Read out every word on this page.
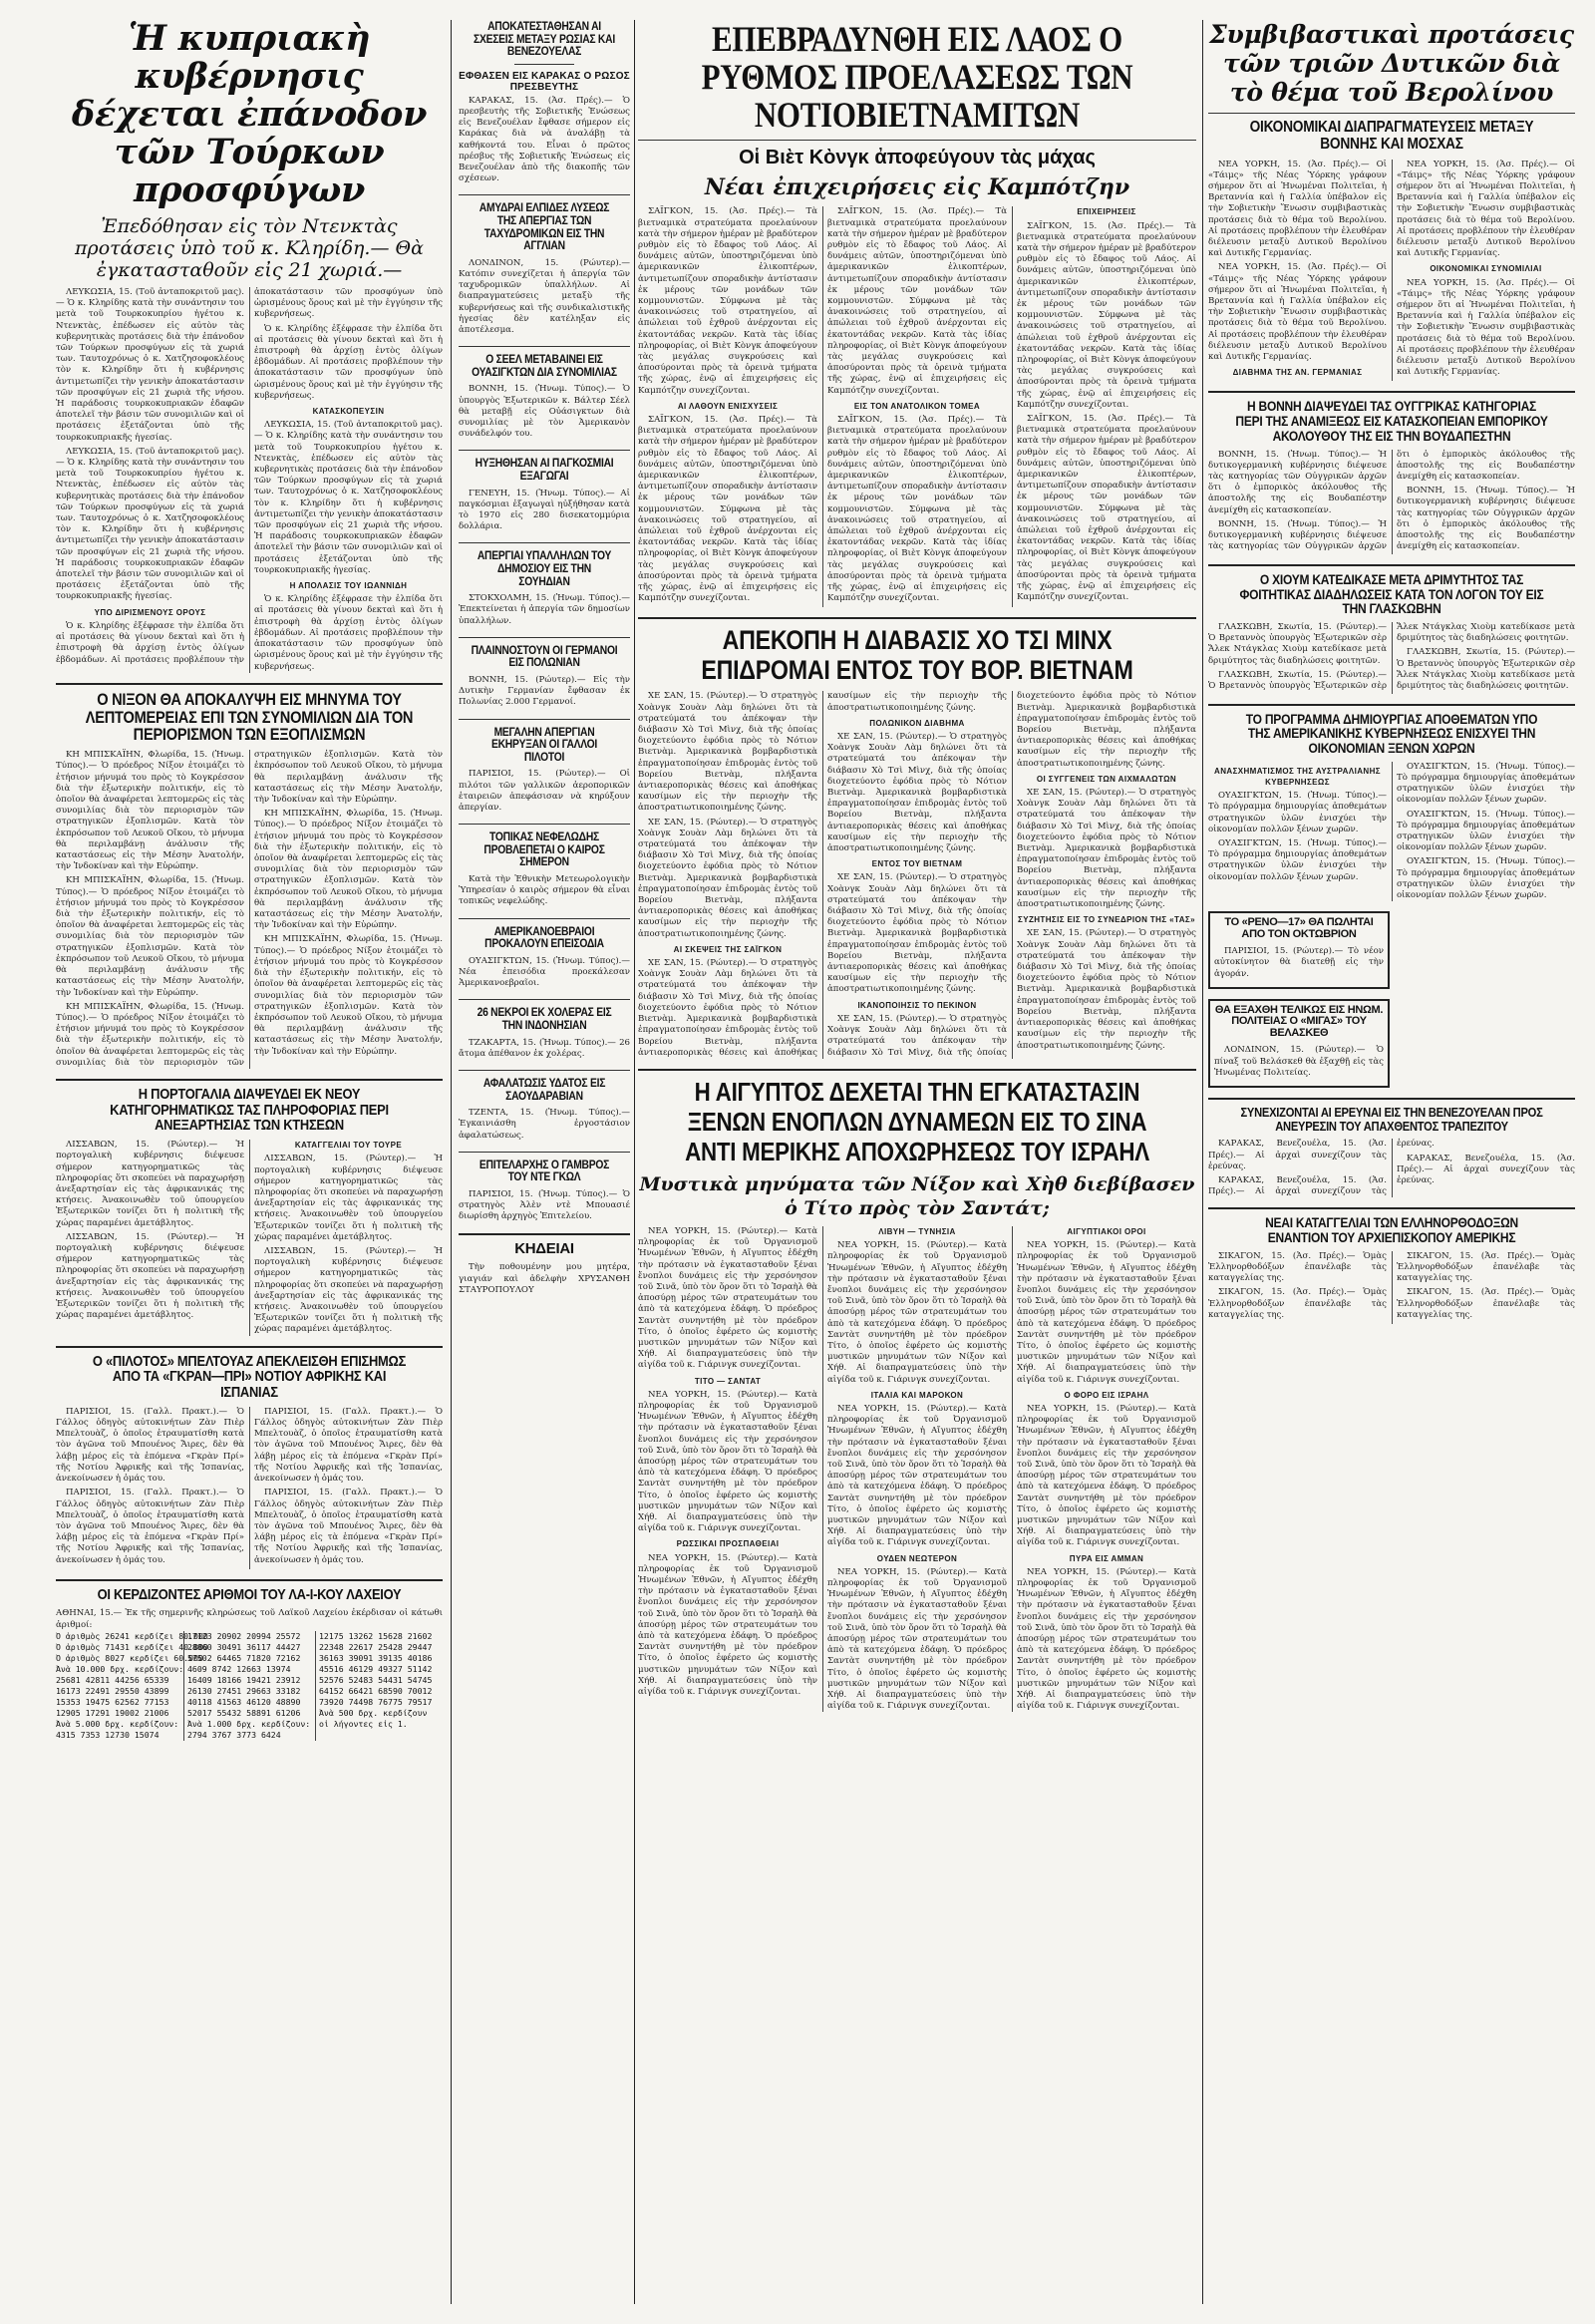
Ἡ κυπριακὴ κυβέρνησις δέχεται ἐπάνοδον τῶν Τούρκων προσφύγων
Ἐπεδόθησαν εἰς τὸν Ντενκτὰς προτάσεις ὑπὸ τοῦ κ. Κληρίδη.— Θὰ ἐγκατασταθοῦν εἰς 21 χωριά.—

ΛΕΥΚΩΣΙΑ, 15. (Τοῦ ἀνταποκριτοῦ μας).— Ὁ κ. Κληρίδης κατὰ τὴν συνάντησιν του μετὰ τοῦ Τουρκοκυπρίου ἡγέτου κ. Ντενκτὰς, ἐπέδωσεν εἰς αὐτὸν τὰς κυβερνητικὰς προτάσεις διὰ τὴν ἐπάνοδον τῶν Τούρκων προσφύγων εἰς τὰ χωριά των. Ταυτοχρόνως ὁ κ. Χατζησοφοκλέους τὸν κ. Κληρίδην ὅτι ἡ κυβέρνησις ἀντιμετωπίζει τὴν γενικὴν ἀποκατάστασιν τῶν προσφύγων εἰς 21 χωριὰ τῆς νήσου. Ἡ παράδοσις τουρκοκυπριακῶν ἐδαφῶν ἀποτελεῖ τὴν βάσιν τῶν συνομιλιῶν καὶ οἱ προτάσεις ἐξετάζονται ὑπὸ τῆς τουρκοκυπριακῆς ἡγεσίας.

ΛΕΥΚΩΣΙΑ, 15. (Τοῦ ἀνταποκριτοῦ μας).— Ὁ κ. Κληρίδης κατὰ τὴν συνάντησιν του μετὰ τοῦ Τουρκοκυπρίου ἡγέτου κ. Ντενκτὰς, ἐπέδωσεν εἰς αὐτὸν τὰς κυβερνητικὰς προτάσεις διὰ τὴν ἐπάνοδον τῶν Τούρκων προσφύγων εἰς τὰ χωριά των. Ταυτοχρόνως ὁ κ. Χατζησοφοκλέους τὸν κ. Κληρίδην ὅτι ἡ κυβέρνησις ἀντιμετωπίζει τὴν γενικὴν ἀποκατάστασιν τῶν προσφύγων εἰς 21 χωριὰ τῆς νήσου. Ἡ παράδοσις τουρκοκυπριακῶν ἐδαφῶν ἀποτελεῖ τὴν βάσιν τῶν συνομιλιῶν καὶ οἱ προτάσεις ἐξετάζονται ὑπὸ τῆς τουρκοκυπριακῆς ἡγεσίας.

ΥΠΟ ΔΙΡΙΣΜΕΝΟΥΣ ΟΡΟΥΣ

Ὁ κ. Κληρίδης ἐξέφρασε τὴν ἐλπίδα ὅτι αἱ προτάσεις θὰ γίνουν δεκταὶ καὶ ὅτι ἡ ἐπιστροφὴ θὰ ἀρχίσῃ ἐντὸς ὀλίγων ἑβδομάδων. Αἱ προτάσεις προβλέπουν τὴν ἀποκατάστασιν τῶν προσφύγων ὑπὸ ὡρισμένους ὅρους καὶ μὲ τὴν ἐγγύησιν τῆς κυβερνήσεως.

Ὁ κ. Κληρίδης ἐξέφρασε τὴν ἐλπίδα ὅτι αἱ προτάσεις θὰ γίνουν δεκταὶ καὶ ὅτι ἡ ἐπιστροφὴ θὰ ἀρχίσῃ ἐντὸς ὀλίγων ἑβδομάδων. Αἱ προτάσεις προβλέπουν τὴν ἀποκατάστασιν τῶν προσφύγων ὑπὸ ὡρισμένους ὅρους καὶ μὲ τὴν ἐγγύησιν τῆς κυβερνήσεως.

ΚΑΤΑΣΚΟΠΕΥΣΙΝ

ΛΕΥΚΩΣΙΑ, 15. (Τοῦ ἀνταποκριτοῦ μας).— Ὁ κ. Κληρίδης κατὰ τὴν συνάντησιν του μετὰ τοῦ Τουρκοκυπρίου ἡγέτου κ. Ντενκτὰς, ἐπέδωσεν εἰς αὐτὸν τὰς κυβερνητικὰς προτάσεις διὰ τὴν ἐπάνοδον τῶν Τούρκων προσφύγων εἰς τὰ χωριά των. Ταυτοχρόνως ὁ κ. Χατζησοφοκλέους τὸν κ. Κληρίδην ὅτι ἡ κυβέρνησις ἀντιμετωπίζει τὴν γενικὴν ἀποκατάστασιν τῶν προσφύγων εἰς 21 χωριὰ τῆς νήσου. Ἡ παράδοσις τουρκοκυπριακῶν ἐδαφῶν ἀποτελεῖ τὴν βάσιν τῶν συνομιλιῶν καὶ οἱ προτάσεις ἐξετάζονται ὑπὸ τῆς τουρκοκυπριακῆς ἡγεσίας.

Η ΑΠΟΛΑΣΙΣ ΤΟΥ ΙΩΑΝΝΙΔΗ

Ὁ κ. Κληρίδης ἐξέφρασε τὴν ἐλπίδα ὅτι αἱ προτάσεις θὰ γίνουν δεκταὶ καὶ ὅτι ἡ ἐπιστροφὴ θὰ ἀρχίσῃ ἐντὸς ὀλίγων ἑβδομάδων. Αἱ προτάσεις προβλέπουν τὴν ἀποκατάστασιν τῶν προσφύγων ὑπὸ ὡρισμένους ὅρους καὶ μὲ τὴν ἐγγύησιν τῆς κυβερνήσεως.

Ο ΝΙΞΟΝ ΘΑ ΑΠΟΚΑΛΥΨΗ ΕΙΣ ΜΗΝΥΜΑ ΤΟΥ ΛΕΠΤΟΜΕΡΕΙΑΣ ΕΠΙ ΤΩΝ ΣΥΝΟΜΙΛΙΩΝ ΔΙΑ ΤΟΝ ΠΕΡΙΟΡΙΣΜΟΝ ΤΩΝ ΕΞΟΠΛΙΣΜΩΝ

ΚΗ ΜΠΙΣΚΑΪΗΝ, Φλωρίδα, 15. (Ἠνωμ. Τύπος).— Ὁ πρόεδρος Νίξον ἐτοιμάζει τὸ ἐτήσιον μήνυμά του πρὸς τὸ Κογκρέσσον διὰ τὴν ἐξωτερικὴν πολιτικήν, εἰς τὸ ὁποῖον θὰ ἀναφέρεται λεπτομερῶς εἰς τὰς συνομιλίας διὰ τὸν περιορισμὸν τῶν στρατηγικῶν ἐξοπλισμῶν. Κατὰ τὸν ἐκπρόσωπον τοῦ Λευκοῦ Οἴκου, τὸ μήνυμα θὰ περιλαμβάνῃ ἀνάλυσιν τῆς καταστάσεως εἰς τὴν Μέσην Ἀνατολήν, τὴν Ἰνδοκίναν καὶ τὴν Εὐρώπην.

ΚΗ ΜΠΙΣΚΑΪΗΝ, Φλωρίδα, 15. (Ἠνωμ. Τύπος).— Ὁ πρόεδρος Νίξον ἐτοιμάζει τὸ ἐτήσιον μήνυμά του πρὸς τὸ Κογκρέσσον διὰ τὴν ἐξωτερικὴν πολιτικήν, εἰς τὸ ὁποῖον θὰ ἀναφέρεται λεπτομερῶς εἰς τὰς συνομιλίας διὰ τὸν περιορισμὸν τῶν στρατηγικῶν ἐξοπλισμῶν. Κατὰ τὸν ἐκπρόσωπον τοῦ Λευκοῦ Οἴκου, τὸ μήνυμα θὰ περιλαμβάνῃ ἀνάλυσιν τῆς καταστάσεως εἰς τὴν Μέσην Ἀνατολήν, τὴν Ἰνδοκίναν καὶ τὴν Εὐρώπην.

ΚΗ ΜΠΙΣΚΑΪΗΝ, Φλωρίδα, 15. (Ἠνωμ. Τύπος).— Ὁ πρόεδρος Νίξον ἐτοιμάζει τὸ ἐτήσιον μήνυμά του πρὸς τὸ Κογκρέσσον διὰ τὴν ἐξωτερικὴν πολιτικήν, εἰς τὸ ὁποῖον θὰ ἀναφέρεται λεπτομερῶς εἰς τὰς συνομιλίας διὰ τὸν περιορισμὸν τῶν στρατηγικῶν ἐξοπλισμῶν. Κατὰ τὸν ἐκπρόσωπον τοῦ Λευκοῦ Οἴκου, τὸ μήνυμα θὰ περιλαμβάνῃ ἀνάλυσιν τῆς καταστάσεως εἰς τὴν Μέσην Ἀνατολήν, τὴν Ἰνδοκίναν καὶ τὴν Εὐρώπην.

ΚΗ ΜΠΙΣΚΑΪΗΝ, Φλωρίδα, 15. (Ἠνωμ. Τύπος).— Ὁ πρόεδρος Νίξον ἐτοιμάζει τὸ ἐτήσιον μήνυμά του πρὸς τὸ Κογκρέσσον διὰ τὴν ἐξωτερικὴν πολιτικήν, εἰς τὸ ὁποῖον θὰ ἀναφέρεται λεπτομερῶς εἰς τὰς συνομιλίας διὰ τὸν περιορισμὸν τῶν στρατηγικῶν ἐξοπλισμῶν. Κατὰ τὸν ἐκπρόσωπον τοῦ Λευκοῦ Οἴκου, τὸ μήνυμα θὰ περιλαμβάνῃ ἀνάλυσιν τῆς καταστάσεως εἰς τὴν Μέσην Ἀνατολήν, τὴν Ἰνδοκίναν καὶ τὴν Εὐρώπην.

ΚΗ ΜΠΙΣΚΑΪΗΝ, Φλωρίδα, 15. (Ἠνωμ. Τύπος).— Ὁ πρόεδρος Νίξον ἐτοιμάζει τὸ ἐτήσιον μήνυμά του πρὸς τὸ Κογκρέσσον διὰ τὴν ἐξωτερικὴν πολιτικήν, εἰς τὸ ὁποῖον θὰ ἀναφέρεται λεπτομερῶς εἰς τὰς συνομιλίας διὰ τὸν περιορισμὸν τῶν στρατηγικῶν ἐξοπλισμῶν. Κατὰ τὸν ἐκπρόσωπον τοῦ Λευκοῦ Οἴκου, τὸ μήνυμα θὰ περιλαμβάνῃ ἀνάλυσιν τῆς καταστάσεως εἰς τὴν Μέσην Ἀνατολήν, τὴν Ἰνδοκίναν καὶ τὴν Εὐρώπην.

Η ΠΟΡΤΟΓΑΛΙΑ ΔΙΑΨΕΥΔΕΙ ΕΚ ΝΕΟΥ ΚΑΤΗΓΟΡΗΜΑΤΙΚΩΣ ΤΑΣ ΠΛΗΡΟΦΟΡΙΑΣ ΠΕΡΙ ΑΝΕΞΑΡΤΗΣΙΑΣ ΤΩΝ ΚΤΗΣΕΩΝ

ΛΙΣΣΑΒΩΝ, 15. (Ρώυτερ).— Ἡ πορτογαλικὴ κυβέρνησις διέψευσε σήμερον κατηγορηματικῶς τὰς πληροφορίας ὅτι σκοπεύει νὰ παραχωρήσῃ ἀνεξαρτησίαν εἰς τὰς ἀφρικανικάς της κτήσεις. Ἀνακοινωθὲν τοῦ ὑπουργείου Ἐξωτερικῶν τονίζει ὅτι ἡ πολιτικὴ τῆς χώρας παραμένει ἀμετάβλητος.

ΛΙΣΣΑΒΩΝ, 15. (Ρώυτερ).— Ἡ πορτογαλικὴ κυβέρνησις διέψευσε σήμερον κατηγορηματικῶς τὰς πληροφορίας ὅτι σκοπεύει νὰ παραχωρήσῃ ἀνεξαρτησίαν εἰς τὰς ἀφρικανικάς της κτήσεις. Ἀνακοινωθὲν τοῦ ὑπουργείου Ἐξωτερικῶν τονίζει ὅτι ἡ πολιτικὴ τῆς χώρας παραμένει ἀμετάβλητος.

ΚΑΤΑΓΓΕΛΙΑΙ ΤΟΥ ΤΟΥΡΕ

ΛΙΣΣΑΒΩΝ, 15. (Ρώυτερ).— Ἡ πορτογαλικὴ κυβέρνησις διέψευσε σήμερον κατηγορηματικῶς τὰς πληροφορίας ὅτι σκοπεύει νὰ παραχωρήσῃ ἀνεξαρτησίαν εἰς τὰς ἀφρικανικάς της κτήσεις. Ἀνακοινωθὲν τοῦ ὑπουργείου Ἐξωτερικῶν τονίζει ὅτι ἡ πολιτικὴ τῆς χώρας παραμένει ἀμετάβλητος.

ΛΙΣΣΑΒΩΝ, 15. (Ρώυτερ).— Ἡ πορτογαλικὴ κυβέρνησις διέψευσε σήμερον κατηγορηματικῶς τὰς πληροφορίας ὅτι σκοπεύει νὰ παραχωρήσῃ ἀνεξαρτησίαν εἰς τὰς ἀφρικανικάς της κτήσεις. Ἀνακοινωθὲν τοῦ ὑπουργείου Ἐξωτερικῶν τονίζει ὅτι ἡ πολιτικὴ τῆς χώρας παραμένει ἀμετάβλητος.

Ο «ΠΙΛΟΤΟΣ» ΜΠΕΛΤΟΥΑΖ ΑΠΕΚΛΕΙΣΘΗ ΕΠΙΣΗΜΩΣ ΑΠΟ ΤΑ «ΓΚΡΑΝ—ΠΡΙ» ΝΟΤΙΟΥ ΑΦΡΙΚΗΣ ΚΑΙ ΙΣΠΑΝΙΑΣ

ΠΑΡΙΣΙΟΙ, 15. (Γαλλ. Πρακτ.).— Ὁ Γάλλος ὁδηγὸς αὐτοκινήτων Ζὰν Πιὲρ Μπελτουὰζ, ὁ ὁποῖος ἐτραυματίσθη κατὰ τὸν ἀγῶνα τοῦ Μπουένος Ἄιρες, δὲν θὰ λάβῃ μέρος εἰς τὰ ἑπόμενα «Γκρὰν Πρί» τῆς Νοτίου Ἀφρικῆς καὶ τῆς Ἱσπανίας, ἀνεκοίνωσεν ἡ ὁμάς του.

ΠΑΡΙΣΙΟΙ, 15. (Γαλλ. Πρακτ.).— Ὁ Γάλλος ὁδηγὸς αὐτοκινήτων Ζὰν Πιὲρ Μπελτουὰζ, ὁ ὁποῖος ἐτραυματίσθη κατὰ τὸν ἀγῶνα τοῦ Μπουένος Ἄιρες, δὲν θὰ λάβῃ μέρος εἰς τὰ ἑπόμενα «Γκρὰν Πρί» τῆς Νοτίου Ἀφρικῆς καὶ τῆς Ἱσπανίας, ἀνεκοίνωσεν ἡ ὁμάς του.

ΠΑΡΙΣΙΟΙ, 15. (Γαλλ. Πρακτ.).— Ὁ Γάλλος ὁδηγὸς αὐτοκινήτων Ζὰν Πιὲρ Μπελτουὰζ, ὁ ὁποῖος ἐτραυματίσθη κατὰ τὸν ἀγῶνα τοῦ Μπουένος Ἄιρες, δὲν θὰ λάβῃ μέρος εἰς τὰ ἑπόμενα «Γκρὰν Πρί» τῆς Νοτίου Ἀφρικῆς καὶ τῆς Ἱσπανίας, ἀνεκοίνωσεν ἡ ὁμάς του.

ΠΑΡΙΣΙΟΙ, 15. (Γαλλ. Πρακτ.).— Ὁ Γάλλος ὁδηγὸς αὐτοκινήτων Ζὰν Πιὲρ Μπελτουὰζ, ὁ ὁποῖος ἐτραυματίσθη κατὰ τὸν ἀγῶνα τοῦ Μπουένος Ἄιρες, δὲν θὰ λάβῃ μέρος εἰς τὰ ἑπόμενα «Γκρὰν Πρί» τῆς Νοτίου Ἀφρικῆς καὶ τῆς Ἱσπανίας, ἀνεκοίνωσεν ἡ ὁμάς του.

ΟΙ ΚΕΡΔΙΖΟΝΤΕΣ ΑΡΙΘΜΟΙ ΤΟΥ ΛΑ-Ι-ΚΟΥ ΛΑΧΕΙΟΥ
ΑΘΗΝΑΙ, 15.— Ἐκ τῆς σημερινῆς κληρώσεως τοῦ Λαϊκοῦ Λαχείου ἐκέρδισαν οἱ κάτωθι ἀριθμοί:
Ὁ ἀριθμὸς 26241 κερδίζει 80.000
Ὁ ἀριθμὸς 71431 κερδίζει 40.000
Ὁ ἀριθμὸς 8027 κερδίζει 60.000
Ἀνὰ 10.000 δρχ. κερδίζουν:
25681 42811 44256 65339
16173 22491 29550 43899
15353 19475 62562 77153
12905 17291 19002 21006
Ἀνὰ 5.000 δρχ. κερδίζουν:
4315 7353 12730 15074
17123 20902 20994 25572
28860 30491 36117 44427
57502 64465 71820 72162
4609 8742 12663 13974
16409 18166 19421 23912
26130 27451 29663 33182
40118 41563 46120 48890
52017 55432 58891 61206
Ἀνὰ 1.000 δρχ. κερδίζουν:
2794 3767 3773 6424
12175 13262 15628 21602
22348 22617 25428 29447
36163 39091 39135 40186
45516 46129 49327 51142
52576 52483 54431 54745
64152 66421 68590 70012
73920 74498 76775 79517
Ἀνὰ 500 δρχ. κερδίζουν
οἱ λήγοντες εἰς 1.
ΑΠΟΚΑΤΕΣΤΑΘΗΣΑΝ ΑΙ ΣΧΕΣΕΙΣ ΜΕΤΑΞΥ ΡΩΣΙΑΣ ΚΑΙ ΒΕΝΕΖΟΥΕΛΑΣ
ΕΦΘΑΣΕΝ ΕΙΣ ΚΑΡΑΚΑΣ Ο ΡΩΣΟΣ ΠΡΕΣΒΕΥΤΗΣ

ΚΑΡΑΚΑΣ, 15. (Ἀσ. Πρές).— Ὁ πρεσβευτὴς τῆς Σοβιετικῆς Ἑνώσεως εἰς Βενεζουέλαν ἔφθασε σήμερον εἰς Καράκας διὰ νὰ ἀναλάβῃ τὰ καθήκοντά του. Εἶναι ὁ πρῶτος πρέσβυς τῆς Σοβιετικῆς Ἑνώσεως εἰς Βενεζουέλαν ἀπὸ τῆς διακοπῆς τῶν σχέσεων.

ΑΜΥΔΡΑΙ ΕΛΠΙΔΕΣ ΛΥΣΕΩΣ ΤΗΣ ΑΠΕΡΓΙΑΣ ΤΩΝ ΤΑΧΥΔΡΟΜΙΚΩΝ ΕΙΣ ΤΗΝ ΑΓΓΛΙΑΝ

ΛΟΝΔΙΝΟΝ, 15. (Ρώυτερ).— Κατόπιν συνεχίζεται ἡ ἀπεργία τῶν ταχυδρομικῶν ὑπαλλήλων. Αἱ διαπραγματεύσεις μεταξὺ τῆς κυβερνήσεως καὶ τῆς συνδικαλιστικῆς ἡγεσίας δὲν κατέληξαν εἰς ἀποτέλεσμα.

Ο ΣΕΕΛ ΜΕΤΑΒΑΙΝΕΙ ΕΙΣ ΟΥΑΣΙΓΚΤΩΝ ΔΙΑ ΣΥΝΟΜΙΛΙΑΣ

ΒΟΝΝΗ, 15. (Ἠνωμ. Τύπος).— Ὁ ὑπουργὸς Ἐξωτερικῶν κ. Βάλτερ Σέελ θὰ μεταβῇ εἰς Οὐάσιγκτων διὰ συνομιλίας μὲ τὸν Ἀμερικανὸν συνάδελφόν του.

ΗΥΞΗΘΗΣΑΝ ΑΙ ΠΑΓΚΟΣΜΙΑΙ ΕΞΑΓΩΓΑΙ

ΓΕΝΕΥΗ, 15. (Ἠνωμ. Τύπος).— Αἱ παγκόσμιαι ἐξαγωγαὶ ηὐξήθησαν κατὰ τὸ 1970 εἰς 280 δισεκατομμύρια δολλάρια.

ΑΠΕΡΓΙΑΙ ΥΠΑΛΛΗΛΩΝ ΤΟΥ ΔΗΜΟΣΙΟΥ ΕΙΣ ΤΗΝ ΣΟΥΗΔΙΑΝ

ΣΤΟΚΧΟΛΜΗ, 15. (Ἠνωμ. Τύπος).— Ἐπεκτείνεται ἡ ἀπεργία τῶν δημοσίων ὑπαλλήλων.

ΠΛΑΙΝΝΟΣΤΟΥΝ ΟΙ ΓΕΡΜΑΝΟΙ ΕΙΣ ΠΟΛΩΝΙΑΝ

ΒΟΝΝΗ, 15. (Ρώυτερ).— Εἰς τὴν Δυτικὴν Γερμανίαν ἔφθασαν ἐκ Πολωνίας 2.000 Γερμανοί.

ΜΕΓΑΛΗΝ ΑΠΕΡΓΙΑΝ ΕΚΗΡΥΞΑΝ ΟΙ ΓΑΛΛΟΙ ΠΙΛΟΤΟΙ

ΠΑΡΙΣΙΟΙ, 15. (Ρώυτερ).— Οἱ πιλότοι τῶν γαλλικῶν ἀεροπορικῶν ἑταιρειῶν ἀπεφάσισαν νὰ κηρύξουν ἀπεργίαν.

ΤΟΠΙΚΑΣ ΝΕΦΕΛΩΔΗΣ ΠΡΟΒΛΕΠΕΤΑΙ Ο ΚΑΙΡΟΣ ΣΗΜΕΡΟΝ

Κατὰ τὴν Ἐθνικὴν Μετεωρολογικὴν Ὑπηρεσίαν ὁ καιρὸς σήμερον θὰ εἶναι τοπικῶς νεφελώδης.

ΑΜΕΡΙΚΑΝΟΕΒΡΑΙΟΙ ΠΡΟΚΑΛΟΥΝ ΕΠΕΙΣΟΔΙΑ

ΟΥΑΣΙΓΚΤΩΝ, 15. (Ἠνωμ. Τύπος).— Νέα ἐπεισόδια προεκάλεσαν Ἀμερικανοεβραῖοι.

26 ΝΕΚΡΟΙ ΕΚ ΧΟΛΕΡΑΣ ΕΙΣ ΤΗΝ ΙΝΔΟΝΗΣΙΑΝ

ΤΖΑΚΑΡΤΑ, 15. (Ἠνωμ. Τύπος).— 26 ἄτομα ἀπέθανον ἐκ χολέρας.

ΑΦΑΛΑΤΩΣΙΣ ΥΔΑΤΟΣ ΕΙΣ ΣΑΟΥΔΑΡΑΒΙΑΝ

ΤΖΕΝΤΑ, 15. (Ἠνωμ. Τύπος).— Ἐγκαινιάσθη ἐργοστάσιον ἀφαλατώσεως.

ΕΠΙΤΕΛΑΡΧΗΣ Ο ΓΑΜΒΡΟΣ ΤΟΥ ΝΤΕ ΓΚΩΛ

ΠΑΡΙΣΙΟΙ, 15. (Ἠνωμ. Τύπος).— Ὁ στρατηγὸς Ἀλὲν ντὲ Μπουασιέ διωρίσθη ἀρχηγὸς Ἐπιτελείου.

ΚΗΔΕΙΑΙ

Τὴν ποθουμένην μου μητέρα, γιαγιάν καὶ ἀδελφὴν ΧΡΥΣΑΝΘΗ ΣΤΑΥΡΟΠΟΥΛΟΥ

ΕΠΕΒΡΑΔΥΝΘΗ ΕΙΣ ΛΑΟΣ Ο ΡΥΘΜΟΣ ΠΡΟΕΛΑΣΕΩΣ ΤΩΝ ΝΟΤΙΟΒΙΕΤΝΑΜΙΤΩΝ
Οἱ Βιὲτ Κὸνγκ ἀποφεύγουν τὰς μάχας
Νέαι ἐπιχειρήσεις εἰς Καμπότζην

ΣΑΪΓΚΟΝ, 15. (Ἀσ. Πρές).— Τὰ βιετναμικὰ στρατεύματα προελαύνουν κατὰ τὴν σήμερον ἡμέραν μὲ βραδύτερον ρυθμὸν εἰς τὸ ἔδαφος τοῦ Λάος. Αἱ δυνάμεις αὐτῶν, ὑποστηριζόμεναι ὑπὸ ἀμερικανικῶν ἐλικοπτέρων, ἀντιμετωπίζουν σποραδικὴν ἀντίστασιν ἐκ μέρους τῶν μονάδων τῶν κομμουνιστῶν. Σύμφωνα μὲ τὰς ἀνακοινώσεις τοῦ στρατηγείου, αἱ ἀπώλειαι τοῦ ἐχθροῦ ἀνέρχονται εἰς ἑκατοντάδας νεκρῶν. Κατὰ τὰς ἰδίας πληροφορίας, οἱ Βιὲτ Κὸνγκ ἀποφεύγουν τὰς μεγάλας συγκρούσεις καὶ ἀποσύρονται πρὸς τὰ ὀρεινὰ τμήματα τῆς χώρας, ἐνῷ αἱ ἐπιχειρήσεις εἰς Καμπότζην συνεχίζονται.

ΑΙ ΛΑΘΟΥΝ ΕΝΙΣΧΥΣΕΙΣ

ΣΑΪΓΚΟΝ, 15. (Ἀσ. Πρές).— Τὰ βιετναμικὰ στρατεύματα προελαύνουν κατὰ τὴν σήμερον ἡμέραν μὲ βραδύτερον ρυθμὸν εἰς τὸ ἔδαφος τοῦ Λάος. Αἱ δυνάμεις αὐτῶν, ὑποστηριζόμεναι ὑπὸ ἀμερικανικῶν ἐλικοπτέρων, ἀντιμετωπίζουν σποραδικὴν ἀντίστασιν ἐκ μέρους τῶν μονάδων τῶν κομμουνιστῶν. Σύμφωνα μὲ τὰς ἀνακοινώσεις τοῦ στρατηγείου, αἱ ἀπώλειαι τοῦ ἐχθροῦ ἀνέρχονται εἰς ἑκατοντάδας νεκρῶν. Κατὰ τὰς ἰδίας πληροφορίας, οἱ Βιὲτ Κὸνγκ ἀποφεύγουν τὰς μεγάλας συγκρούσεις καὶ ἀποσύρονται πρὸς τὰ ὀρεινὰ τμήματα τῆς χώρας, ἐνῷ αἱ ἐπιχειρήσεις εἰς Καμπότζην συνεχίζονται.

ΣΑΪΓΚΟΝ, 15. (Ἀσ. Πρές).— Τὰ βιετναμικὰ στρατεύματα προελαύνουν κατὰ τὴν σήμερον ἡμέραν μὲ βραδύτερον ρυθμὸν εἰς τὸ ἔδαφος τοῦ Λάος. Αἱ δυνάμεις αὐτῶν, ὑποστηριζόμεναι ὑπὸ ἀμερικανικῶν ἐλικοπτέρων, ἀντιμετωπίζουν σποραδικὴν ἀντίστασιν ἐκ μέρους τῶν μονάδων τῶν κομμουνιστῶν. Σύμφωνα μὲ τὰς ἀνακοινώσεις τοῦ στρατηγείου, αἱ ἀπώλειαι τοῦ ἐχθροῦ ἀνέρχονται εἰς ἑκατοντάδας νεκρῶν. Κατὰ τὰς ἰδίας πληροφορίας, οἱ Βιὲτ Κὸνγκ ἀποφεύγουν τὰς μεγάλας συγκρούσεις καὶ ἀποσύρονται πρὸς τὰ ὀρεινὰ τμήματα τῆς χώρας, ἐνῷ αἱ ἐπιχειρήσεις εἰς Καμπότζην συνεχίζονται.

ΕΙΣ ΤΟΝ ΑΝΑΤΟΛΙΚΟΝ ΤΟΜΕΑ

ΣΑΪΓΚΟΝ, 15. (Ἀσ. Πρές).— Τὰ βιετναμικὰ στρατεύματα προελαύνουν κατὰ τὴν σήμερον ἡμέραν μὲ βραδύτερον ρυθμὸν εἰς τὸ ἔδαφος τοῦ Λάος. Αἱ δυνάμεις αὐτῶν, ὑποστηριζόμεναι ὑπὸ ἀμερικανικῶν ἐλικοπτέρων, ἀντιμετωπίζουν σποραδικὴν ἀντίστασιν ἐκ μέρους τῶν μονάδων τῶν κομμουνιστῶν. Σύμφωνα μὲ τὰς ἀνακοινώσεις τοῦ στρατηγείου, αἱ ἀπώλειαι τοῦ ἐχθροῦ ἀνέρχονται εἰς ἑκατοντάδας νεκρῶν. Κατὰ τὰς ἰδίας πληροφορίας, οἱ Βιὲτ Κὸνγκ ἀποφεύγουν τὰς μεγάλας συγκρούσεις καὶ ἀποσύρονται πρὸς τὰ ὀρεινὰ τμήματα τῆς χώρας, ἐνῷ αἱ ἐπιχειρήσεις εἰς Καμπότζην συνεχίζονται.

ΕΠΙΧΕΙΡΗΣΕΙΣ

ΣΑΪΓΚΟΝ, 15. (Ἀσ. Πρές).— Τὰ βιετναμικὰ στρατεύματα προελαύνουν κατὰ τὴν σήμερον ἡμέραν μὲ βραδύτερον ρυθμὸν εἰς τὸ ἔδαφος τοῦ Λάος. Αἱ δυνάμεις αὐτῶν, ὑποστηριζόμεναι ὑπὸ ἀμερικανικῶν ἐλικοπτέρων, ἀντιμετωπίζουν σποραδικὴν ἀντίστασιν ἐκ μέρους τῶν μονάδων τῶν κομμουνιστῶν. Σύμφωνα μὲ τὰς ἀνακοινώσεις τοῦ στρατηγείου, αἱ ἀπώλειαι τοῦ ἐχθροῦ ἀνέρχονται εἰς ἑκατοντάδας νεκρῶν. Κατὰ τὰς ἰδίας πληροφορίας, οἱ Βιὲτ Κὸνγκ ἀποφεύγουν τὰς μεγάλας συγκρούσεις καὶ ἀποσύρονται πρὸς τὰ ὀρεινὰ τμήματα τῆς χώρας, ἐνῷ αἱ ἐπιχειρήσεις εἰς Καμπότζην συνεχίζονται.

ΣΑΪΓΚΟΝ, 15. (Ἀσ. Πρές).— Τὰ βιετναμικὰ στρατεύματα προελαύνουν κατὰ τὴν σήμερον ἡμέραν μὲ βραδύτερον ρυθμὸν εἰς τὸ ἔδαφος τοῦ Λάος. Αἱ δυνάμεις αὐτῶν, ὑποστηριζόμεναι ὑπὸ ἀμερικανικῶν ἐλικοπτέρων, ἀντιμετωπίζουν σποραδικὴν ἀντίστασιν ἐκ μέρους τῶν μονάδων τῶν κομμουνιστῶν. Σύμφωνα μὲ τὰς ἀνακοινώσεις τοῦ στρατηγείου, αἱ ἀπώλειαι τοῦ ἐχθροῦ ἀνέρχονται εἰς ἑκατοντάδας νεκρῶν. Κατὰ τὰς ἰδίας πληροφορίας, οἱ Βιὲτ Κὸνγκ ἀποφεύγουν τὰς μεγάλας συγκρούσεις καὶ ἀποσύρονται πρὸς τὰ ὀρεινὰ τμήματα τῆς χώρας, ἐνῷ αἱ ἐπιχειρήσεις εἰς Καμπότζην συνεχίζονται.

ΑΠΕΚΟΠΗ Η ΔΙΑΒΑΣΙΣ ΧΟ ΤΣΙ ΜΙΝΧ ΕΠΙΔΡΟΜΑΙ ΕΝΤΟΣ ΤΟΥ ΒΟΡ. ΒΙΕΤΝΑΜ

ΧΕ ΣΑΝ, 15. (Ρώυτερ).— Ὁ στρατηγὸς Χοὰνγκ Σουὰν Λὰμ δηλώνει ὅτι τὰ στρατεύματά του ἀπέκοψαν τὴν διάβασιν Χὸ Τσὶ Μὶνχ, διὰ τῆς ὁποίας διοχετεύοντο ἐφόδια πρὸς τὸ Νότιον Βιετνὰμ. Ἀμερικανικὰ βομβαρδιστικὰ ἐπραγματοποίησαν ἐπιδρομὰς ἐντὸς τοῦ Βορείου Βιετνὰμ, πλήξαντα ἀντιαεροπορικὰς θέσεις καὶ ἀποθήκας καυσίμων εἰς τὴν περιοχὴν τῆς ἀποστρατιωτικοποιημένης ζώνης.

ΧΕ ΣΑΝ, 15. (Ρώυτερ).— Ὁ στρατηγὸς Χοὰνγκ Σουὰν Λὰμ δηλώνει ὅτι τὰ στρατεύματά του ἀπέκοψαν τὴν διάβασιν Χὸ Τσὶ Μὶνχ, διὰ τῆς ὁποίας διοχετεύοντο ἐφόδια πρὸς τὸ Νότιον Βιετνὰμ. Ἀμερικανικὰ βομβαρδιστικὰ ἐπραγματοποίησαν ἐπιδρομὰς ἐντὸς τοῦ Βορείου Βιετνὰμ, πλήξαντα ἀντιαεροπορικὰς θέσεις καὶ ἀποθήκας καυσίμων εἰς τὴν περιοχὴν τῆς ἀποστρατιωτικοποιημένης ζώνης.

ΑΙ ΣΚΕΨΕΙΣ ΤΗΣ ΣΑΪΓΚΟΝ

ΧΕ ΣΑΝ, 15. (Ρώυτερ).— Ὁ στρατηγὸς Χοὰνγκ Σουὰν Λὰμ δηλώνει ὅτι τὰ στρατεύματά του ἀπέκοψαν τὴν διάβασιν Χὸ Τσὶ Μὶνχ, διὰ τῆς ὁποίας διοχετεύοντο ἐφόδια πρὸς τὸ Νότιον Βιετνὰμ. Ἀμερικανικὰ βομβαρδιστικὰ ἐπραγματοποίησαν ἐπιδρομὰς ἐντὸς τοῦ Βορείου Βιετνὰμ, πλήξαντα ἀντιαεροπορικὰς θέσεις καὶ ἀποθήκας καυσίμων εἰς τὴν περιοχὴν τῆς ἀποστρατιωτικοποιημένης ζώνης.

ΠΟΛΩΝΙΚΟΝ ΔΙΑΒΗΜΑ

ΧΕ ΣΑΝ, 15. (Ρώυτερ).— Ὁ στρατηγὸς Χοὰνγκ Σουὰν Λὰμ δηλώνει ὅτι τὰ στρατεύματά του ἀπέκοψαν τὴν διάβασιν Χὸ Τσὶ Μὶνχ, διὰ τῆς ὁποίας διοχετεύοντο ἐφόδια πρὸς τὸ Νότιον Βιετνὰμ. Ἀμερικανικὰ βομβαρδιστικὰ ἐπραγματοποίησαν ἐπιδρομὰς ἐντὸς τοῦ Βορείου Βιετνὰμ, πλήξαντα ἀντιαεροπορικὰς θέσεις καὶ ἀποθήκας καυσίμων εἰς τὴν περιοχὴν τῆς ἀποστρατιωτικοποιημένης ζώνης.

ΕΝΤΟΣ ΤΟΥ ΒΙΕΤΝΑΜ

ΧΕ ΣΑΝ, 15. (Ρώυτερ).— Ὁ στρατηγὸς Χοὰνγκ Σουὰν Λὰμ δηλώνει ὅτι τὰ στρατεύματά του ἀπέκοψαν τὴν διάβασιν Χὸ Τσὶ Μὶνχ, διὰ τῆς ὁποίας διοχετεύοντο ἐφόδια πρὸς τὸ Νότιον Βιετνὰμ. Ἀμερικανικὰ βομβαρδιστικὰ ἐπραγματοποίησαν ἐπιδρομὰς ἐντὸς τοῦ Βορείου Βιετνὰμ, πλήξαντα ἀντιαεροπορικὰς θέσεις καὶ ἀποθήκας καυσίμων εἰς τὴν περιοχὴν τῆς ἀποστρατιωτικοποιημένης ζώνης.

ΙΚΑΝΟΠΟΙΗΣΙΣ ΤΟ ΠΕΚΙΝΟΝ

ΧΕ ΣΑΝ, 15. (Ρώυτερ).— Ὁ στρατηγὸς Χοὰνγκ Σουὰν Λὰμ δηλώνει ὅτι τὰ στρατεύματά του ἀπέκοψαν τὴν διάβασιν Χὸ Τσὶ Μὶνχ, διὰ τῆς ὁποίας διοχετεύοντο ἐφόδια πρὸς τὸ Νότιον Βιετνὰμ. Ἀμερικανικὰ βομβαρδιστικὰ ἐπραγματοποίησαν ἐπιδρομὰς ἐντὸς τοῦ Βορείου Βιετνὰμ, πλήξαντα ἀντιαεροπορικὰς θέσεις καὶ ἀποθήκας καυσίμων εἰς τὴν περιοχὴν τῆς ἀποστρατιωτικοποιημένης ζώνης.

ΟΙ ΣΥΓΓΕΝΕΙΣ ΤΩΝ ΑΙΧΜΑΛΩΤΩΝ

ΧΕ ΣΑΝ, 15. (Ρώυτερ).— Ὁ στρατηγὸς Χοὰνγκ Σουὰν Λὰμ δηλώνει ὅτι τὰ στρατεύματά του ἀπέκοψαν τὴν διάβασιν Χὸ Τσὶ Μὶνχ, διὰ τῆς ὁποίας διοχετεύοντο ἐφόδια πρὸς τὸ Νότιον Βιετνὰμ. Ἀμερικανικὰ βομβαρδιστικὰ ἐπραγματοποίησαν ἐπιδρομὰς ἐντὸς τοῦ Βορείου Βιετνὰμ, πλήξαντα ἀντιαεροπορικὰς θέσεις καὶ ἀποθήκας καυσίμων εἰς τὴν περιοχὴν τῆς ἀποστρατιωτικοποιημένης ζώνης.

ΣΥΖΗΤΗΣΙΣ ΕΙΣ ΤΟ ΣΥΝΕΔΡΙΟΝ ΤΗΣ «ΤΑΣ»

ΧΕ ΣΑΝ, 15. (Ρώυτερ).— Ὁ στρατηγὸς Χοὰνγκ Σουὰν Λὰμ δηλώνει ὅτι τὰ στρατεύματά του ἀπέκοψαν τὴν διάβασιν Χὸ Τσὶ Μὶνχ, διὰ τῆς ὁποίας διοχετεύοντο ἐφόδια πρὸς τὸ Νότιον Βιετνὰμ. Ἀμερικανικὰ βομβαρδιστικὰ ἐπραγματοποίησαν ἐπιδρομὰς ἐντὸς τοῦ Βορείου Βιετνὰμ, πλήξαντα ἀντιαεροπορικὰς θέσεις καὶ ἀποθήκας καυσίμων εἰς τὴν περιοχὴν τῆς ἀποστρατιωτικοποιημένης ζώνης.

Η ΑΙΓΥΠΤΟΣ ΔΕΧΕΤΑΙ ΤΗΝ ΕΓΚΑΤΑΣΤΑΣΙΝ ΞΕΝΩΝ ΕΝΟΠΛΩΝ ΔΥΝΑΜΕΩΝ ΕΙΣ ΤΟ ΣΙΝΑ ΑΝΤΙ ΜΕΡΙΚΗΣ ΑΠΟΧΩΡΗΣΕΩΣ ΤΟΥ ΙΣΡΑΗΛ
Μυστικὰ μηνύματα τῶν Νίξον καὶ Χὴθ διεβίβασεν ὁ Τίτο πρὸς τὸν Σαντάτ;

ΝΕΑ ΥΟΡΚΗ, 15. (Ρώυτερ).— Κατὰ πληροφορίας ἐκ τοῦ Ὀργανισμοῦ Ἡνωμένων Ἐθνῶν, ἡ Αἴγυπτος ἐδέχθη τὴν πρότασιν νὰ ἐγκατασταθοῦν ξέναι ἔνοπλοι δυνάμεις εἰς τὴν χερσόνησον τοῦ Σινᾶ, ὑπὸ τὸν ὅρον ὅτι τὸ Ἰσραὴλ θὰ ἀποσύρῃ μέρος τῶν στρατευμάτων του ἀπὸ τὰ κατεχόμενα ἐδάφη. Ὁ πρόεδρος Σαντὰτ συνηντήθη μὲ τὸν πρόεδρον Τίτο, ὁ ὁποῖος ἐφέρετο ὡς κομιστὴς μυστικῶν μηνυμάτων τῶν Νίξον καὶ Χήθ. Αἱ διαπραγματεύσεις ὑπὸ τὴν αἰγίδα τοῦ κ. Γιάρινγκ συνεχίζονται.

ΤΙΤΟ — ΣΑΝΤΑΤ

ΝΕΑ ΥΟΡΚΗ, 15. (Ρώυτερ).— Κατὰ πληροφορίας ἐκ τοῦ Ὀργανισμοῦ Ἡνωμένων Ἐθνῶν, ἡ Αἴγυπτος ἐδέχθη τὴν πρότασιν νὰ ἐγκατασταθοῦν ξέναι ἔνοπλοι δυνάμεις εἰς τὴν χερσόνησον τοῦ Σινᾶ, ὑπὸ τὸν ὅρον ὅτι τὸ Ἰσραὴλ θὰ ἀποσύρῃ μέρος τῶν στρατευμάτων του ἀπὸ τὰ κατεχόμενα ἐδάφη. Ὁ πρόεδρος Σαντὰτ συνηντήθη μὲ τὸν πρόεδρον Τίτο, ὁ ὁποῖος ἐφέρετο ὡς κομιστὴς μυστικῶν μηνυμάτων τῶν Νίξον καὶ Χήθ. Αἱ διαπραγματεύσεις ὑπὸ τὴν αἰγίδα τοῦ κ. Γιάρινγκ συνεχίζονται.

ΡΩΣΣΙΚΑΙ ΠΡΟΣΠΑΘΕΙΑΙ

ΝΕΑ ΥΟΡΚΗ, 15. (Ρώυτερ).— Κατὰ πληροφορίας ἐκ τοῦ Ὀργανισμοῦ Ἡνωμένων Ἐθνῶν, ἡ Αἴγυπτος ἐδέχθη τὴν πρότασιν νὰ ἐγκατασταθοῦν ξέναι ἔνοπλοι δυνάμεις εἰς τὴν χερσόνησον τοῦ Σινᾶ, ὑπὸ τὸν ὅρον ὅτι τὸ Ἰσραὴλ θὰ ἀποσύρῃ μέρος τῶν στρατευμάτων του ἀπὸ τὰ κατεχόμενα ἐδάφη. Ὁ πρόεδρος Σαντὰτ συνηντήθη μὲ τὸν πρόεδρον Τίτο, ὁ ὁποῖος ἐφέρετο ὡς κομιστὴς μυστικῶν μηνυμάτων τῶν Νίξον καὶ Χήθ. Αἱ διαπραγματεύσεις ὑπὸ τὴν αἰγίδα τοῦ κ. Γιάρινγκ συνεχίζονται.

ΛΙΒΥΗ — ΤΥΝΗΣΙΑ

ΝΕΑ ΥΟΡΚΗ, 15. (Ρώυτερ).— Κατὰ πληροφορίας ἐκ τοῦ Ὀργανισμοῦ Ἡνωμένων Ἐθνῶν, ἡ Αἴγυπτος ἐδέχθη τὴν πρότασιν νὰ ἐγκατασταθοῦν ξέναι ἔνοπλοι δυνάμεις εἰς τὴν χερσόνησον τοῦ Σινᾶ, ὑπὸ τὸν ὅρον ὅτι τὸ Ἰσραὴλ θὰ ἀποσύρῃ μέρος τῶν στρατευμάτων του ἀπὸ τὰ κατεχόμενα ἐδάφη. Ὁ πρόεδρος Σαντὰτ συνηντήθη μὲ τὸν πρόεδρον Τίτο, ὁ ὁποῖος ἐφέρετο ὡς κομιστὴς μυστικῶν μηνυμάτων τῶν Νίξον καὶ Χήθ. Αἱ διαπραγματεύσεις ὑπὸ τὴν αἰγίδα τοῦ κ. Γιάρινγκ συνεχίζονται.

ΙΤΑΛΙΑ ΚΑΙ ΜΑΡΟΚΟΝ

ΝΕΑ ΥΟΡΚΗ, 15. (Ρώυτερ).— Κατὰ πληροφορίας ἐκ τοῦ Ὀργανισμοῦ Ἡνωμένων Ἐθνῶν, ἡ Αἴγυπτος ἐδέχθη τὴν πρότασιν νὰ ἐγκατασταθοῦν ξέναι ἔνοπλοι δυνάμεις εἰς τὴν χερσόνησον τοῦ Σινᾶ, ὑπὸ τὸν ὅρον ὅτι τὸ Ἰσραὴλ θὰ ἀποσύρῃ μέρος τῶν στρατευμάτων του ἀπὸ τὰ κατεχόμενα ἐδάφη. Ὁ πρόεδρος Σαντὰτ συνηντήθη μὲ τὸν πρόεδρον Τίτο, ὁ ὁποῖος ἐφέρετο ὡς κομιστὴς μυστικῶν μηνυμάτων τῶν Νίξον καὶ Χήθ. Αἱ διαπραγματεύσεις ὑπὸ τὴν αἰγίδα τοῦ κ. Γιάρινγκ συνεχίζονται.

ΟΥΔΕΝ ΝΕΩΤΕΡΟΝ

ΝΕΑ ΥΟΡΚΗ, 15. (Ρώυτερ).— Κατὰ πληροφορίας ἐκ τοῦ Ὀργανισμοῦ Ἡνωμένων Ἐθνῶν, ἡ Αἴγυπτος ἐδέχθη τὴν πρότασιν νὰ ἐγκατασταθοῦν ξέναι ἔνοπλοι δυνάμεις εἰς τὴν χερσόνησον τοῦ Σινᾶ, ὑπὸ τὸν ὅρον ὅτι τὸ Ἰσραὴλ θὰ ἀποσύρῃ μέρος τῶν στρατευμάτων του ἀπὸ τὰ κατεχόμενα ἐδάφη. Ὁ πρόεδρος Σαντὰτ συνηντήθη μὲ τὸν πρόεδρον Τίτο, ὁ ὁποῖος ἐφέρετο ὡς κομιστὴς μυστικῶν μηνυμάτων τῶν Νίξον καὶ Χήθ. Αἱ διαπραγματεύσεις ὑπὸ τὴν αἰγίδα τοῦ κ. Γιάρινγκ συνεχίζονται.

ΑΙΓΥΠΤΙΑΚΟΙ ΟΡΟΙ

ΝΕΑ ΥΟΡΚΗ, 15. (Ρώυτερ).— Κατὰ πληροφορίας ἐκ τοῦ Ὀργανισμοῦ Ἡνωμένων Ἐθνῶν, ἡ Αἴγυπτος ἐδέχθη τὴν πρότασιν νὰ ἐγκατασταθοῦν ξέναι ἔνοπλοι δυνάμεις εἰς τὴν χερσόνησον τοῦ Σινᾶ, ὑπὸ τὸν ὅρον ὅτι τὸ Ἰσραὴλ θὰ ἀποσύρῃ μέρος τῶν στρατευμάτων του ἀπὸ τὰ κατεχόμενα ἐδάφη. Ὁ πρόεδρος Σαντὰτ συνηντήθη μὲ τὸν πρόεδρον Τίτο, ὁ ὁποῖος ἐφέρετο ὡς κομιστὴς μυστικῶν μηνυμάτων τῶν Νίξον καὶ Χήθ. Αἱ διαπραγματεύσεις ὑπὸ τὴν αἰγίδα τοῦ κ. Γιάρινγκ συνεχίζονται.

Ο ΦΟΡΟ ΕΙΣ ΙΣΡΑΗΛ

ΝΕΑ ΥΟΡΚΗ, 15. (Ρώυτερ).— Κατὰ πληροφορίας ἐκ τοῦ Ὀργανισμοῦ Ἡνωμένων Ἐθνῶν, ἡ Αἴγυπτος ἐδέχθη τὴν πρότασιν νὰ ἐγκατασταθοῦν ξέναι ἔνοπλοι δυνάμεις εἰς τὴν χερσόνησον τοῦ Σινᾶ, ὑπὸ τὸν ὅρον ὅτι τὸ Ἰσραὴλ θὰ ἀποσύρῃ μέρος τῶν στρατευμάτων του ἀπὸ τὰ κατεχόμενα ἐδάφη. Ὁ πρόεδρος Σαντὰτ συνηντήθη μὲ τὸν πρόεδρον Τίτο, ὁ ὁποῖος ἐφέρετο ὡς κομιστὴς μυστικῶν μηνυμάτων τῶν Νίξον καὶ Χήθ. Αἱ διαπραγματεύσεις ὑπὸ τὴν αἰγίδα τοῦ κ. Γιάρινγκ συνεχίζονται.

ΠΥΡΑ ΕΙΣ ΑΜΜΑΝ

ΝΕΑ ΥΟΡΚΗ, 15. (Ρώυτερ).— Κατὰ πληροφορίας ἐκ τοῦ Ὀργανισμοῦ Ἡνωμένων Ἐθνῶν, ἡ Αἴγυπτος ἐδέχθη τὴν πρότασιν νὰ ἐγκατασταθοῦν ξέναι ἔνοπλοι δυνάμεις εἰς τὴν χερσόνησον τοῦ Σινᾶ, ὑπὸ τὸν ὅρον ὅτι τὸ Ἰσραὴλ θὰ ἀποσύρῃ μέρος τῶν στρατευμάτων του ἀπὸ τὰ κατεχόμενα ἐδάφη. Ὁ πρόεδρος Σαντὰτ συνηντήθη μὲ τὸν πρόεδρον Τίτο, ὁ ὁποῖος ἐφέρετο ὡς κομιστὴς μυστικῶν μηνυμάτων τῶν Νίξον καὶ Χήθ. Αἱ διαπραγματεύσεις ὑπὸ τὴν αἰγίδα τοῦ κ. Γιάρινγκ συνεχίζονται.

Συμβιβαστικαὶ προτάσεις τῶν τριῶν Δυτικῶν διὰ τὸ θέμα τοῦ Βερολίνου
ΟΙΚΟΝΟΜΙΚΑΙ ΔΙΑΠΡΑΓΜΑΤΕΥΣΕΙΣ ΜΕΤΑΞΥ ΒΟΝΝΗΣ ΚΑΙ ΜΟΣΧΑΣ

ΝΕΑ ΥΟΡΚΗ, 15. (Ἀσ. Πρές).— Οἱ «Τάιμς» τῆς Νέας Ὑόρκης γράφουν σήμερον ὅτι αἱ Ἡνωμέναι Πολιτεῖαι, ἡ Βρεταννία καὶ ἡ Γαλλία ὑπέβαλον εἰς τὴν Σοβιετικὴν Ἕνωσιν συμβιβαστικὰς προτάσεις διὰ τὸ θέμα τοῦ Βερολίνου. Αἱ προτάσεις προβλέπουν τὴν ἐλευθέραν διέλευσιν μεταξὺ Δυτικοῦ Βερολίνου καὶ Δυτικῆς Γερμανίας.

ΝΕΑ ΥΟΡΚΗ, 15. (Ἀσ. Πρές).— Οἱ «Τάιμς» τῆς Νέας Ὑόρκης γράφουν σήμερον ὅτι αἱ Ἡνωμέναι Πολιτεῖαι, ἡ Βρεταννία καὶ ἡ Γαλλία ὑπέβαλον εἰς τὴν Σοβιετικὴν Ἕνωσιν συμβιβαστικὰς προτάσεις διὰ τὸ θέμα τοῦ Βερολίνου. Αἱ προτάσεις προβλέπουν τὴν ἐλευθέραν διέλευσιν μεταξὺ Δυτικοῦ Βερολίνου καὶ Δυτικῆς Γερμανίας.

ΔΙΑΒΗΜΑ ΤΗΣ ΑΝ. ΓΕΡΜΑΝΙΑΣ

ΝΕΑ ΥΟΡΚΗ, 15. (Ἀσ. Πρές).— Οἱ «Τάιμς» τῆς Νέας Ὑόρκης γράφουν σήμερον ὅτι αἱ Ἡνωμέναι Πολιτεῖαι, ἡ Βρεταννία καὶ ἡ Γαλλία ὑπέβαλον εἰς τὴν Σοβιετικὴν Ἕνωσιν συμβιβαστικὰς προτάσεις διὰ τὸ θέμα τοῦ Βερολίνου. Αἱ προτάσεις προβλέπουν τὴν ἐλευθέραν διέλευσιν μεταξὺ Δυτικοῦ Βερολίνου καὶ Δυτικῆς Γερμανίας.

ΟΙΚΟΝΟΜΙΚΑΙ ΣΥΝΟΜΙΛΙΑΙ

ΝΕΑ ΥΟΡΚΗ, 15. (Ἀσ. Πρές).— Οἱ «Τάιμς» τῆς Νέας Ὑόρκης γράφουν σήμερον ὅτι αἱ Ἡνωμέναι Πολιτεῖαι, ἡ Βρεταννία καὶ ἡ Γαλλία ὑπέβαλον εἰς τὴν Σοβιετικὴν Ἕνωσιν συμβιβαστικὰς προτάσεις διὰ τὸ θέμα τοῦ Βερολίνου. Αἱ προτάσεις προβλέπουν τὴν ἐλευθέραν διέλευσιν μεταξὺ Δυτικοῦ Βερολίνου καὶ Δυτικῆς Γερμανίας.

Η ΒΟΝΝΗ ΔΙΑΨΕΥΔΕΙ ΤΑΣ ΟΥΓΓΡΙΚΑΣ ΚΑΤΗΓΟΡΙΑΣ ΠΕΡΙ ΤΗΣ ΑΝΑΜΙΞΕΩΣ ΕΙΣ ΚΑΤΑΣΚΟΠΕΙΑΝ ΕΜΠΟΡΙΚΟΥ ΑΚΟΛΟΥΘΟΥ ΤΗΣ ΕΙΣ ΤΗΝ ΒΟΥΔΑΠΕΣΤΗΝ

ΒΟΝΝΗ, 15. (Ἠνωμ. Τύπος).— Ἡ δυτικογερμανικὴ κυβέρνησις διέψευσε τὰς κατηγορίας τῶν Οὐγγρικῶν ἀρχῶν ὅτι ὁ ἐμπορικὸς ἀκόλουθος τῆς ἀποστολῆς της εἰς Βουδαπέστην ἀνεμίχθη εἰς κατασκοπείαν.

ΒΟΝΝΗ, 15. (Ἠνωμ. Τύπος).— Ἡ δυτικογερμανικὴ κυβέρνησις διέψευσε τὰς κατηγορίας τῶν Οὐγγρικῶν ἀρχῶν ὅτι ὁ ἐμπορικὸς ἀκόλουθος τῆς ἀποστολῆς της εἰς Βουδαπέστην ἀνεμίχθη εἰς κατασκοπείαν.

ΒΟΝΝΗ, 15. (Ἠνωμ. Τύπος).— Ἡ δυτικογερμανικὴ κυβέρνησις διέψευσε τὰς κατηγορίας τῶν Οὐγγρικῶν ἀρχῶν ὅτι ὁ ἐμπορικὸς ἀκόλουθος τῆς ἀποστολῆς της εἰς Βουδαπέστην ἀνεμίχθη εἰς κατασκοπείαν.

Ο ΧΙΟΥΜ ΚΑΤΕΔΙΚΑΣΕ ΜΕΤΑ ΔΡΙΜΥΤΗΤΟΣ ΤΑΣ ΦΟΙΤΗΤΙΚΑΣ ΔΙΑΔΗΛΩΣΕΙΣ ΚΑΤΑ ΤΟΝ ΛΟΓΟΝ ΤΟΥ ΕΙΣ ΤΗΝ ΓΛΑΣΚΩΒΗΝ

ΓΛΑΣΚΩΒΗ, Σκωτία, 15. (Ρώυτερ).— Ὁ Βρεταννὸς ὑπουργὸς Ἐξωτερικῶν σὲρ Ἄλεκ Ντάγκλας Χιοὺμ κατεδίκασε μετὰ δριμύτητος τὰς διαδηλώσεις φοιτητῶν.

ΓΛΑΣΚΩΒΗ, Σκωτία, 15. (Ρώυτερ).— Ὁ Βρεταννὸς ὑπουργὸς Ἐξωτερικῶν σὲρ Ἄλεκ Ντάγκλας Χιοὺμ κατεδίκασε μετὰ δριμύτητος τὰς διαδηλώσεις φοιτητῶν.

ΓΛΑΣΚΩΒΗ, Σκωτία, 15. (Ρώυτερ).— Ὁ Βρεταννὸς ὑπουργὸς Ἐξωτερικῶν σὲρ Ἄλεκ Ντάγκλας Χιοὺμ κατεδίκασε μετὰ δριμύτητος τὰς διαδηλώσεις φοιτητῶν.

ΤΟ ΠΡΟΓΡΑΜΜΑ ΔΗΜΙΟΥΡΓΙΑΣ ΑΠΟΘΕΜΑΤΩΝ ΥΠΟ ΤΗΣ ΑΜΕΡΙΚΑΝΙΚΗΣ ΚΥΒΕΡΝΗΣΕΩΣ ΕΝΙΣΧΥΕΙ ΤΗΝ ΟΙΚΟΝΟΜΙΑΝ ΞΕΝΩΝ ΧΩΡΩΝ
ΑΝΑΣΧΗΜΑΤΙΣΜΟΣ ΤΗΣ ΑΥΣΤΡΑΛΙΑΝΗΣ ΚΥΒΕΡΝΗΣΕΩΣ

ΟΥΑΣΙΓΚΤΩΝ, 15. (Ἠνωμ. Τύπος).— Τὸ πρόγραμμα δημιουργίας ἀποθεμάτων στρατηγικῶν ὑλῶν ἐνισχύει τὴν οἰκονομίαν πολλῶν ξένων χωρῶν.

ΟΥΑΣΙΓΚΤΩΝ, 15. (Ἠνωμ. Τύπος).— Τὸ πρόγραμμα δημιουργίας ἀποθεμάτων στρατηγικῶν ὑλῶν ἐνισχύει τὴν οἰκονομίαν πολλῶν ξένων χωρῶν.

ΟΥΑΣΙΓΚΤΩΝ, 15. (Ἠνωμ. Τύπος).— Τὸ πρόγραμμα δημιουργίας ἀποθεμάτων στρατηγικῶν ὑλῶν ἐνισχύει τὴν οἰκονομίαν πολλῶν ξένων χωρῶν.

ΟΥΑΣΙΓΚΤΩΝ, 15. (Ἠνωμ. Τύπος).— Τὸ πρόγραμμα δημιουργίας ἀποθεμάτων στρατηγικῶν ὑλῶν ἐνισχύει τὴν οἰκονομίαν πολλῶν ξένων χωρῶν.

ΟΥΑΣΙΓΚΤΩΝ, 15. (Ἠνωμ. Τύπος).— Τὸ πρόγραμμα δημιουργίας ἀποθεμάτων στρατηγικῶν ὑλῶν ἐνισχύει τὴν οἰκονομίαν πολλῶν ξένων χωρῶν.

ΤΟ «ΡΕΝΟ—17» ΘΑ ΠΩΛΗΤΑΙ ΑΠΟ ΤΟΝ ΟΚΤΩΒΡΙΟΝ

ΠΑΡΙΣΙΟΙ, 15. (Ρώυτερ).— Τὸ νέον αὐτοκίνητον θὰ διατεθῇ εἰς τὴν ἀγοράν.

ΘΑ ΕΞΑΧΘΗ ΤΕΛΙΚΩΣ ΕΙΣ ΗΝΩΜ. ΠΟΛΙΤΕΙΑΣ Ο «ΜΙΓΑΣ» ΤΟΥ ΒΕΛΑΣΚΕΘ

ΛΟΝΔΙΝΟΝ, 15. (Ρώυτερ).— Ὁ πίναξ τοῦ Βελάσκεθ θὰ ἐξαχθῇ εἰς τὰς Ἠνωμένας Πολιτείας.

ΣΥΝΕΧΙΖΟΝΤΑΙ ΑΙ ΕΡΕΥΝΑΙ ΕΙΣ ΤΗΝ ΒΕΝΕΖΟΥΕΛΑΝ ΠΡΟΣ ΑΝΕΥΡΕΣΙΝ ΤΟΥ ΑΠΑΧΘΕΝΤΟΣ ΤΡΑΠΕΖΙΤΟΥ

ΚΑΡΑΚΑΣ, Βενεζουέλα, 15. (Ἀσ. Πρές).— Αἱ ἀρχαὶ συνεχίζουν τὰς ἐρεύνας.

ΚΑΡΑΚΑΣ, Βενεζουέλα, 15. (Ἀσ. Πρές).— Αἱ ἀρχαὶ συνεχίζουν τὰς ἐρεύνας.

ΚΑΡΑΚΑΣ, Βενεζουέλα, 15. (Ἀσ. Πρές).— Αἱ ἀρχαὶ συνεχίζουν τὰς ἐρεύνας.

ΝΕΑΙ ΚΑΤΑΓΓΕΛΙΑΙ ΤΩΝ ΕΛΛΗΝΟΡΘΟΔΟΞΩΝ ΕΝΑΝΤΙΟΝ ΤΟΥ ΑΡΧΙΕΠΙΣΚΟΠΟΥ ΑΜΕΡΙΚΗΣ

ΣΙΚΑΓΟΝ, 15. (Ἀσ. Πρές).— Ὁμὰς Ἑλληνορθοδόξων ἐπανέλαβε τὰς καταγγελίας της.

ΣΙΚΑΓΟΝ, 15. (Ἀσ. Πρές).— Ὁμὰς Ἑλληνορθοδόξων ἐπανέλαβε τὰς καταγγελίας της.

ΣΙΚΑΓΟΝ, 15. (Ἀσ. Πρές).— Ὁμὰς Ἑλληνορθοδόξων ἐπανέλαβε τὰς καταγγελίας της.

ΣΙΚΑΓΟΝ, 15. (Ἀσ. Πρές).— Ὁμὰς Ἑλληνορθοδόξων ἐπανέλαβε τὰς καταγγελίας της.
